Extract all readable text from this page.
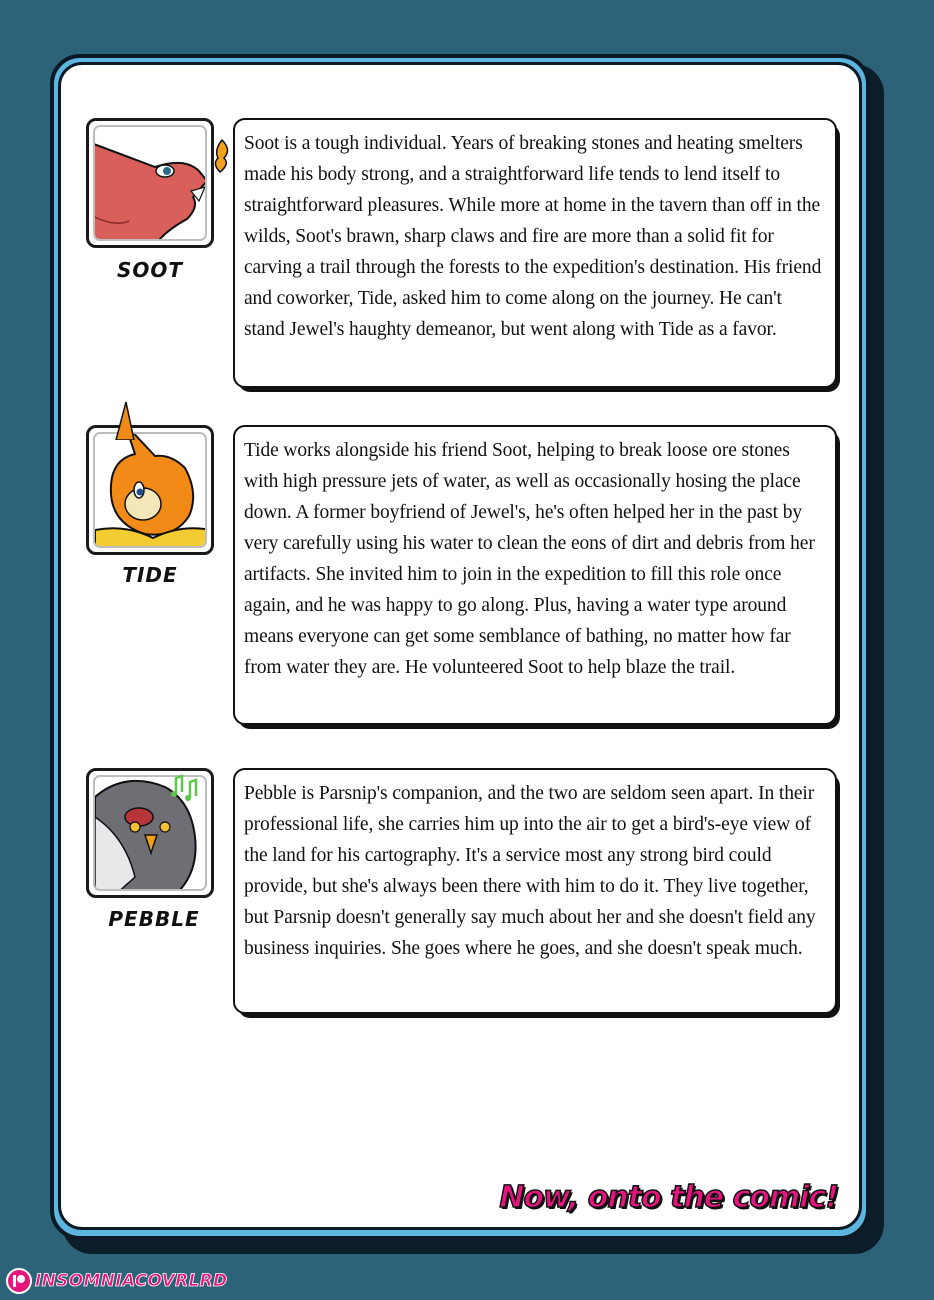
SOOT

Soot is a tough individual. Years of breaking stones and heating smelters made his body strong, and a straightforward life tends to lend itself to straightforward pleasures. While more at home in the tavern than off in the wilds, Soot's brawn, sharp claws and fire are more than a solid fit for carving a trail through the forests to the expedition's destination. His friend and coworker, Tide, asked him to come along on the journey. He can't stand Jewel's haughty demeanor, but went along with Tide as a favor.

TIDE

Tide works alongside his friend Soot, helping to break loose ore stones with high pressure jets of water, as well as occasionally hosing the place down. A former boyfriend of Jewel's, he's often helped her in the past by very carefully using his water to clean the eons of dirt and debris from her artifacts. She invited him to join in the expedition to fill this role once again, and he was happy to go along. Plus, having a water type around means everyone can get some semblance of bathing, no matter how far from water they are. He volunteered Soot to help blaze the trail.

PEBBLE

Pebble is Parsnip's companion, and the two are seldom seen apart. In their professional life, she carries him up into the air to get a bird's-eye view of the land for his cartography. It's a service most any strong bird could provide, but she's always been there with him to do it. They live together, but Parsnip doesn't generally say much about her and she doesn't field any business inquiries. She goes where he goes, and she doesn't speak much.

Now, onto the comic!
INSOMNIACOVRLRD
